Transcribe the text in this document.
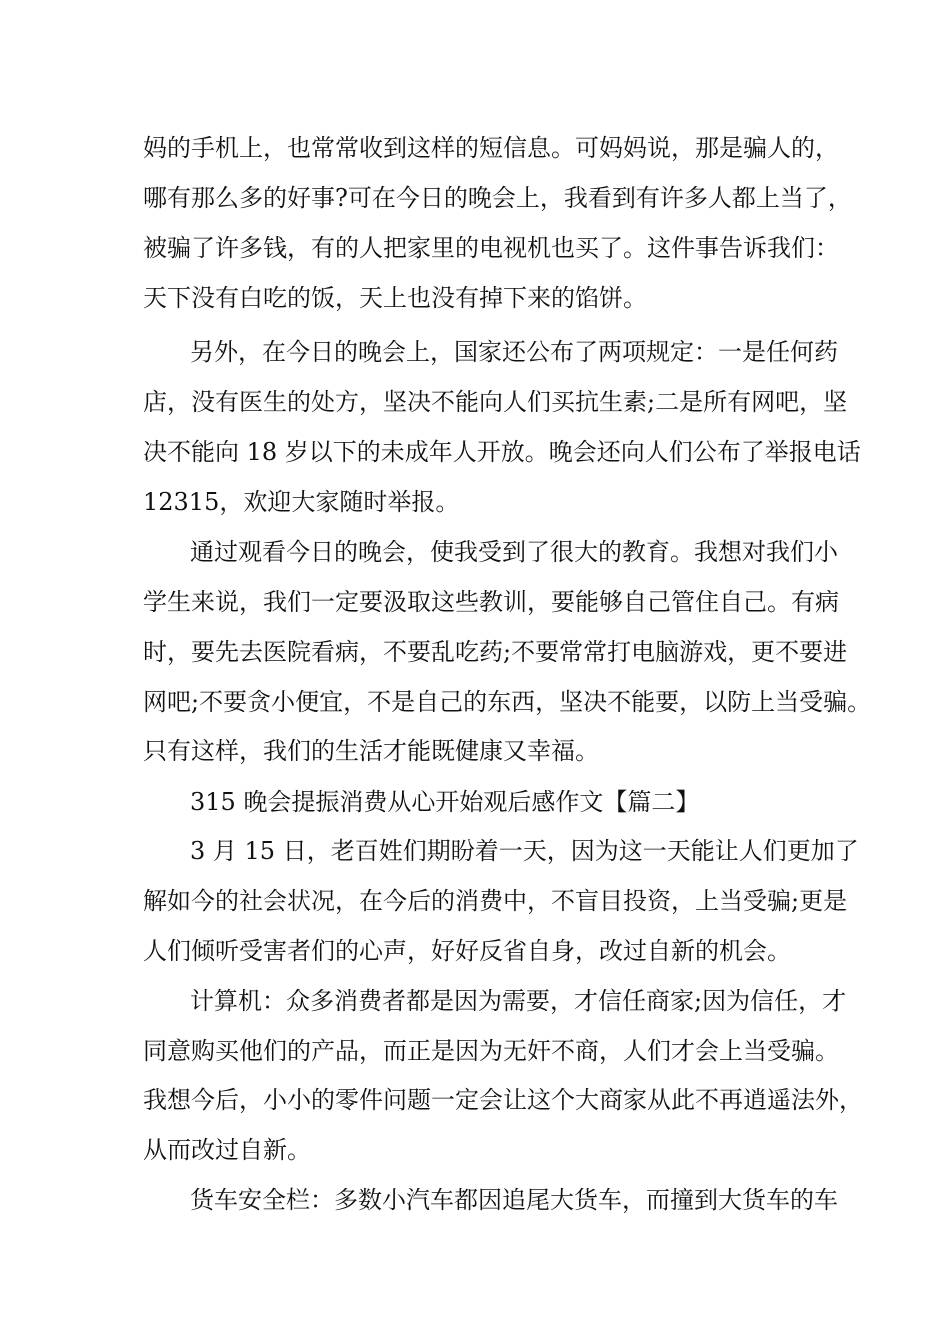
妈的手机上，也常常收到这样的短信息。可妈妈说，那是骗人的，
哪有那么多的好事?可在今日的晚会上，我看到有许多人都上当了，
被骗了许多钱，有的人把家里的电视机也买了。这件事告诉我们：
天下没有白吃的饭，天上也没有掉下来的馅饼。
另外，在今日的晚会上，国家还公布了两项规定：一是任何药
店，没有医生的处方，坚决不能向人们买抗生素;二是所有网吧，坚
决不能向 18 岁以下的未成年人开放。晚会还向人们公布了举报电话
12315，欢迎大家随时举报。
通过观看今日的晚会，使我受到了很大的教育。我想对我们小
学生来说，我们一定要汲取这些教训，要能够自己管住自己。有病
时，要先去医院看病，不要乱吃药;不要常常打电脑游戏，更不要进
网吧;不要贪小便宜，不是自己的东西，坚决不能要，以防上当受骗。
只有这样，我们的生活才能既健康又幸福。
315 晚会提振消费从心开始观后感作文【篇二】
3 月 15 日，老百姓们期盼着一天，因为这一天能让人们更加了
解如今的社会状况，在今后的消费中，不盲目投资，上当受骗;更是
人们倾听受害者们的心声，好好反省自身，改过自新的机会。
计算机：众多消费者都是因为需要，才信任商家;因为信任，才
同意购买他们的产品，而正是因为无奸不商，人们才会上当受骗。
我想今后，小小的零件问题一定会让这个大商家从此不再逍遥法外，
从而改过自新。
货车安全栏：多数小汽车都因追尾大货车，而撞到大货车的车
